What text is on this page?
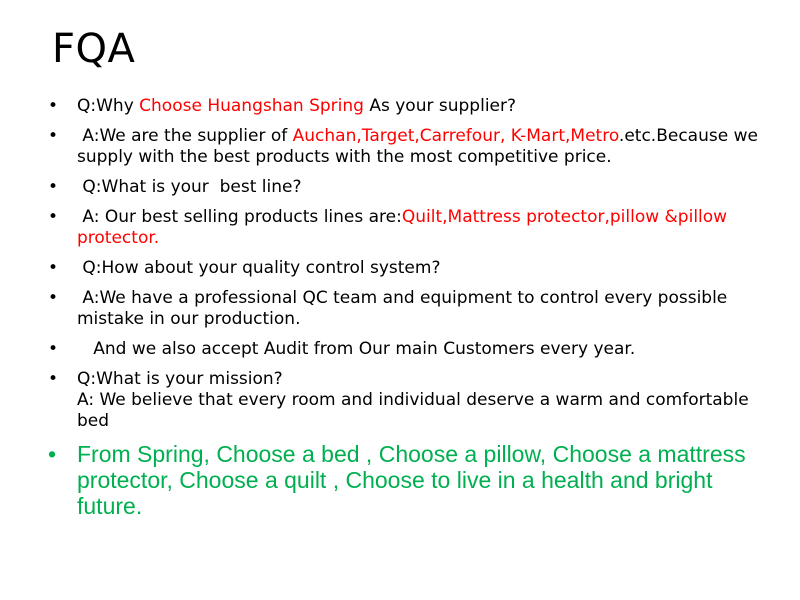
FQA
• Q:Why Choose Huangshan Spring As your supplier?
• A:We are the supplier of Auchan,Target,Carrefour, K-Mart,Metro.etc.Because we supply with the best products with the most competitive price.
• Q:What is your  best line?
• A: Our best selling products lines are:Quilt,Mattress protector,pillow &pillow protector.
• Q:How about your quality control system?
• A:We have a professional QC team and equipment to control every possible mistake in our production.
• And we also accept Audit from Our main Customers every year.
• Q:What is your mission?
A: We believe that every room and individual deserve a warm and comfortable bed
• From Spring, Choose a bed , Choose a pillow, Choose a mattress protector, Choose a quilt , Choose to live in a health and bright future.
